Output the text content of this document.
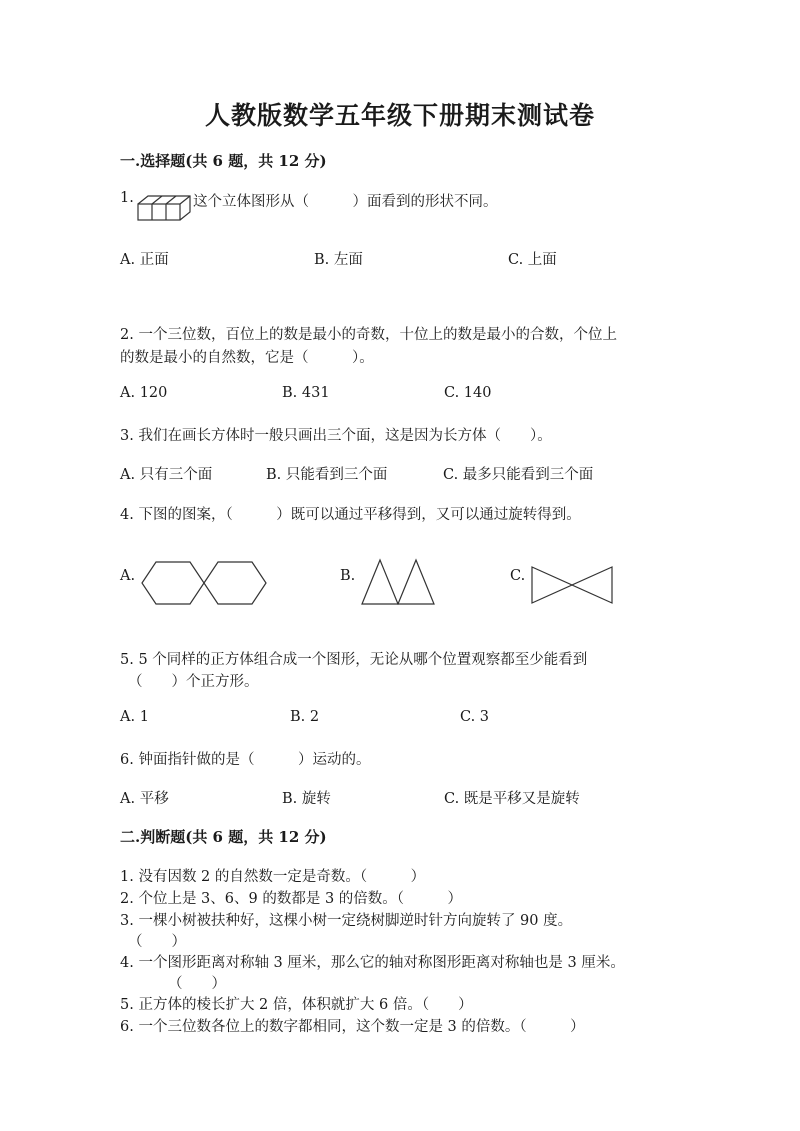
人教版数学五年级下册期末测试卷
一.选择题(共 6 题，共 12 分)
1.	这个立体图形从（　　　）面看到的形状不同。
A. 正面	B. 左面	C. 上面
2. 一个三位数，百位上的数是最小的奇数，十位上的数是最小的合数，个位上
的数是最小的自然数，它是（　　　）。
A. 120	B. 431	C. 140
3. 我们在画长方体时一般只画出三个面，这是因为长方体（　　）。
A. 只有三个面	B. 只能看到三个面	C. 最多只能看到三个面
4. 下图的图案，（　　　）既可以通过平移得到，又可以通过旋转得到。
A.	B.	C.
5. 5 个同样的正方体组合成一个图形，无论从哪个位置观察都至少能看到
（　　）个正方形。
A. 1	B. 2	C. 3
6. 钟面指针做的是（　　　）运动的。
A. 平移	B. 旋转	C. 既是平移又是旋转
二.判断题(共 6 题，共 12 分)
1. 没有因数 2 的自然数一定是奇数。（　　　）
2. 个位上是 3、6、9 的数都是 3 的倍数。（　　　）
3. 一棵小树被扶种好，这棵小树一定绕树脚逆时针方向旋转了 90 度。
（　　）
4. 一个图形距离对称轴 3 厘米，那么它的轴对称图形距离对称轴也是 3 厘米。
（　　）
5. 正方体的棱长扩大 2 倍，体积就扩大 6 倍。（　　）
6. 一个三位数各位上的数字都相同，这个数一定是 3 的倍数。（　　　）
